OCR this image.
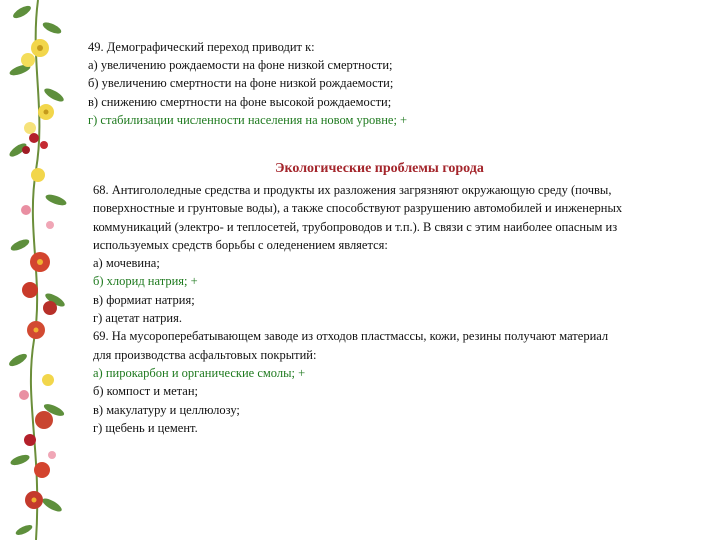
49. Демографический переход приводит к:
а) увеличению рождаемости на фоне низкой смертности;
б) увеличению смертности на фоне низкой рождаемости;
в) снижению смертности на фоне высокой рождаемости;
г) стабилизации численности населения на новом уровне; +
Экологические проблемы города
68. Антигололедные средства и продукты их разложения загрязняют окружающую среду (почвы,
поверхностные и грунтовые воды), а также способствуют разрушению автомобилей и инженерных
коммуникаций (электро- и теплосетей, трубопроводов и т.п.). В связи с этим наиболее опасным из
используемых средств борьбы с оледенением является:
а) мочевина;
б) хлорид натрия; +
в) формиат натрия;
г) ацетат натрия.
69. На мусороперебатывающем заводе из отходов пластмассы, кожи, резины получают материал
для производства асфальтовых покрытий:
а) пирокарбон и органические смолы; +
б) компост и метан;
в) макулатуру и целлюлозу;
г) щебень и цемент.
